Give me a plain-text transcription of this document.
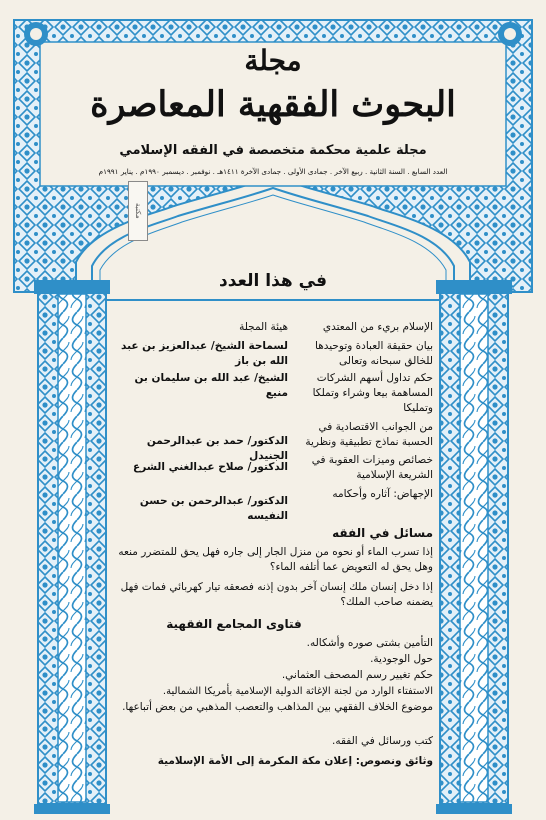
مجلة
البحوث الفقهية المعاصرة
مجلة علمية محكمة متخصصة في الفقه الإسلامي
العدد السابع . السنة الثانية . ربيع الآخر . جمادى الأولى . جمادى الآخرة ١٤١١هـ . نوفمبر . ديسمبر ١٩٩٠م . يناير ١٩٩١م
مكتبة
في هذا العدد
الإسلام بريء من المعتدي
بيان حقيقة العبادة وتوحيدها للخالق سبحانه وتعالى
حكم تداول أسهم الشركات المساهمة بيعا وشراء وتملكا وتمليكا
من الجوانب الاقتصادية في الحسبة نماذج تطبيقية ونظرية
خصائص وميزات العقوبة في الشريعة الإسلامية
الإجهاض: آثاره وأحكامه
هيئة المجلة
لسماحة الشيخ/ عبدالعزيز بن عبد الله بن باز
الشيخ/ عبد الله بن سليمان بن منيع
الدكتور/ حمد بن عبدالرحمن الجنيدل
الدكتور/ صلاح عبدالغني الشرع
الدكتور/ عبدالرحمن بن حسن النفيسه
مسائل في الفقه
إذا تسرب الماء أو نحوه من منزل الجار إلى جاره فهل يحق للمتضرر منعه وهل يحق له التعويض عما أتلفه الماء؟
إذا دخل إنسان ملك إنسان آخر بدون إذنه فصعقه تيار كهربائي فمات فهل يضمنه صاحب الملك؟
فتاوى المجامع الفقهية
التأمين بشتى صوره وأشكاله.
حول الوجودية.
حكم تغيير رسم المصحف العثماني.
الاستفتاء الوارد من لجنة الإغاثة الدولية الإسلامية بأمريكا الشمالية.
موضوع الخلاف الفقهي بين المذاهب والتعصب المذهبي من بعض أتباعها.
كتب ورسائل في الفقه.
وثائق ونصوص: إعلان مكة المكرمة إلى الأمة الإسلامية
